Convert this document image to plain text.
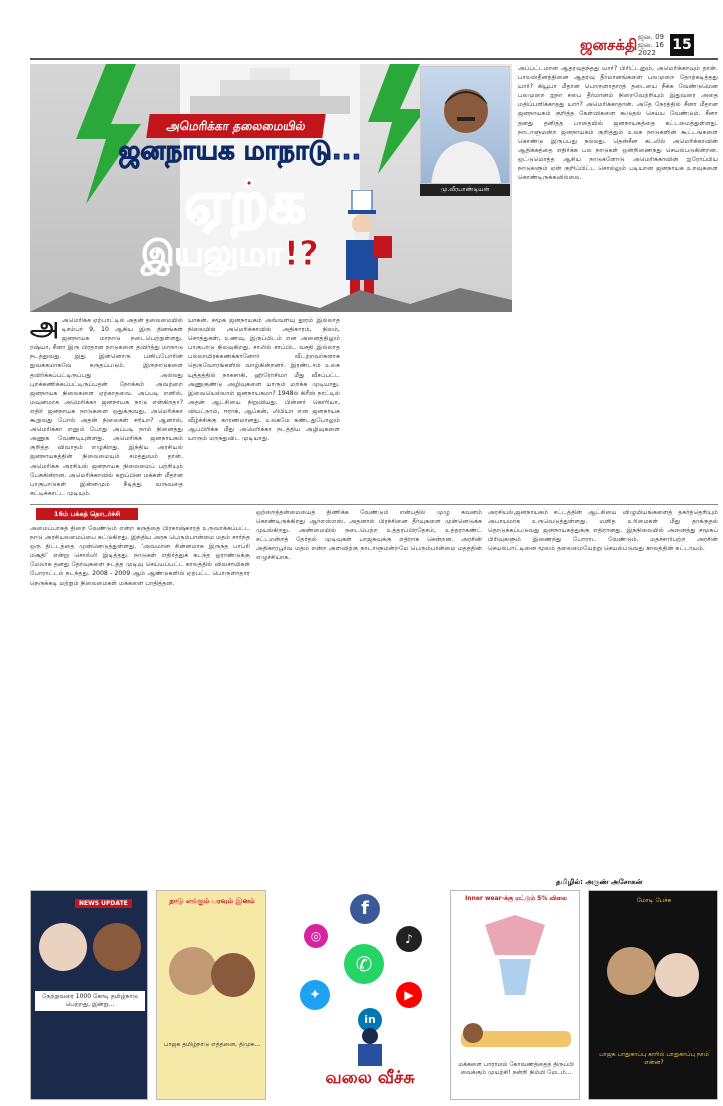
ஜனசக்தி ஜன. 09
ஜன. 16
2022	15
அமெரிக்கா தலைமையில்
ஜனநாயக மாநாடு...
ஏற்க
இயலுமா!?
மு.வீரபாண்டியன்
அஅமெரிக்க ஏற்பாட்டில் அதன் தலைமையில் டிசம்பர் 9, 10 ஆகிய இரு தினங்கள் ஜனநாயக மாநாடு நடைபெற்றுள்ளது. ரஷ்யா, சீனா இரு பிரதான நாடுகளை தவிர்த்து மாநாடு நடத்துவது. இது இன்னொரு பனிப்போரின் துவக்கமாகவே கருதப்படும். இருநாடுகளை தவிர்க்கப்பட்டிருப்பது அல்லது புறக்கணிக்கப்பட்டிருப்பதன் நோக்கம் அவற்றை ஜனநாயக நிலைகளை ஏற்காதவை. அப்படி எனில், மவுனமாக அமெரிக்கா ஜனநாயக நாடு என்கிறதா? எதிர் ஜனநாயக நாடுகளை ஒதுக்குவது, அமெரிக்கா கூறுவது போல் அதன் நிலைகள் சரியா? ஆனால், அமெரிக்கா எனும் போது அப்படி நாம் நினைத்து அணுக வேண்டியுள்ளது. அமெரிக்க ஜனநாயகம் குறித்த விவாதம் எழுகிறது. இந்திய அரசியல் ஜனநாயகத்தின் நிலைமையும் சமத்துவம் தான். அமெரிக்க அரசியல் ஜனநாயக நிலைமைப் பற்றியும் பேசுகின்றன. அமெரிக்காவில் கறுப்பின மக்கள் மீதான பாகுபாடுகள் இன்னமும் நீடித்து வருவதை சுட்டிக்காட்ட முடியும்.
யாகன். சமூக ஜனநாயகம் அவ்வளவு தூரம் இல்லாத நிலையில் அமெரிக்காவில் அதிகாரம், நிலம், சொத்துகள், உணவு, இருப்பிடம் என அனைத்திலும் பாகுபாடு நிலவுகிறது. சாலில் சாப்பிட வசதி இல்லாத பல்லாயிரக்கணக்கானோர் வீடற்றவர்களாக தெருவோரங்களில் வாழ்கின்றனர். இரண்டாம் உலக யுத்தத்தில் நாகசாகி, ஹிரோசிமா மீது வீசப்பட்ட அணுகுண்டு அழிவுகளை யாரும் மறக்க முடியாது. இவையெல்லாம் ஜனநாயகமா? 1948ல் கிரீஸ் நாட்டில் அதன் ஆட்சியை நிறுவியது. பின்னர் கொரியா, வியட்நாம், ஈராக், ஆப்கன், லிபியா என ஜனநாயக வீழ்ச்சிக்கு காரணமானது. உலகமே கண்டதுபோலும் ஆப்பிரிக்க மீது அமெரிக்கா நடத்திய அழிவுகளை யாரும் மறந்துவிட முடியாது.
அப்பட்டமான ஆதரவுதந்தது யார்? பிரிட்டனும், அமெரிக்காவும் தான். பாலஸ்தீனத்தினை ஆதரவு தீர்மானங்களை பலமுறை தோற்கடித்தது யார்? கியூபா மீதான பொருளாதாரத் தடையை நீக்க வேண்டுமென பலமுறை ஐநா சபை தீர்மானம் நிறைவேற்றியும் இதுவரை அதை மதிப்பளிக்காதது யார்? அமெரிக்காதான். அதே நேரத்தில் சீனா மீதான ஜனநாயகம் குறித்த கேள்விகளை கூடுதல் செய்ய வேண்டும். சீனா தனது தனித்த பாதையில் ஜனநாயகத்தை கட்டமைத்துள்ளது. நாடாளுமன்ற ஜனநாயகம் குறித்தும் உலக நாடுகளின் கூட்டங்களை கொண்டு இருப்பது நல்லது. தென்சீன கடலில் அமெரிக்காவின் ஆதிக்கத்தை எதிர்க்க பல நாடுகள் ஒன்றிணைந்து செயல்படுகின்றன. ஒட்டுமொத்த ஆசிய நாடுகளோடு அமெரிக்காவின் ஐரோப்பிய நாடுகளும் ஏன் குறிப்பிட்ட சொல்லும் படியான ஜனநாயக உறவுகளை கொண்டிருக்கவில்லை.
16ம் பக்கத் தொடர்ச்சி
அமைப்பாகத் திறை வேண்டும் என்ற கருத்தை பிரகாஷ்காரத் உருவாக்கப்பட்ட நாடு அரசியலமைப்பை சுட்டுகிறது. இந்திய அரசு பெரும்பான்மை மதம் சார்ந்த ஒரு திட்டத்தை முன்னெடுத்துள்ளது. ‘அவமான சின்னமாக இருந்த பாப்ரி மசூதி’ என்று சொல்லி இடித்தது. நாடுகள் எதிர்த்துக் கடந்த ஓராண்டுக்கு மேலாக தனது தேர்வுகளை நடத்த முடிவு செய்யப்பட்ட காலத்தில் விவசாயிகள் போராட்டம் நடந்தது. 2008 - 2009 ஆம் ஆண்டுகளில் ஏற்பட்ட பொருளாதார நெருக்கடி மற்றும் நிலைமைகள் மக்களை பாதித்தன.
ஒற்றைத்தன்மையைத் திணிக்க வேண்டும் என்பதில் முழு கவனம் கொண்டிருக்கிறது ஆர்எஸ்எஸ். அதனால் பிரச்சினை தீர்வுகளை முன்னெடுக்க முயல்கிறது. அண்மையில் நடைபெற்ற உத்தரப்பிரதேசம், உத்தராகண்ட் சட்டமன்றத் தேர்தல் முடிவுகள் பாஜகவுக்கு எதிராக சென்றன. அரசின் அதிகாரபூர்வ மதம் என்ற அளவிற்கு நாடாளுமன்றமே பெரும்பான்மை மதத்தின் எழுச்சியாக.
அரசியல்,ஜனநாயகம் சட்டத்தின் ஆட்சியை விழுமியங்களைத் தகர்த்தெறியும் அபாயமாக உருவெடுத்துள்ளது. மனித உரிமைகள் மீது தாக்குதல் தொடுக்கப்படுவது ஜனநாயகத்துக்கு எதிரானது. இந்நிலையில் அனைத்து சமூகப் பிரிவுகளும் இணைந்து போராட வேண்டும். மதச்சார்பற்ற அரசின் செயல்பாட்டினை மூலம் தலைமையேற்று செயல்படுவது காலத்தின் கட்டாயம்.
தமிழில்: அருண் அசோகன்
NEWS UPDATE
நேற்றுவரை 1000 கோடி தமிழ்நாடு பெற்றது, இன்று...
நாடு எங்கும் பரவும் இனம்
பாஜக தமிழ்நாடு எத்தனை, திமுக...
f
◎	♪
✆
✦	▶
in
வலை வீச்சு
Inner wear-க்கு மட்டும் 5% விலை
மக்களை பாராமல் கோவணத்தைத் திருப்பி வைக்கும் முயற்சி! நன்றி நிம்மி மேடம்...
மோடி பேச்சு
பாஜக பாதுகாப்பு காரில் பாதுகாப்பு நாம் என்ன?
